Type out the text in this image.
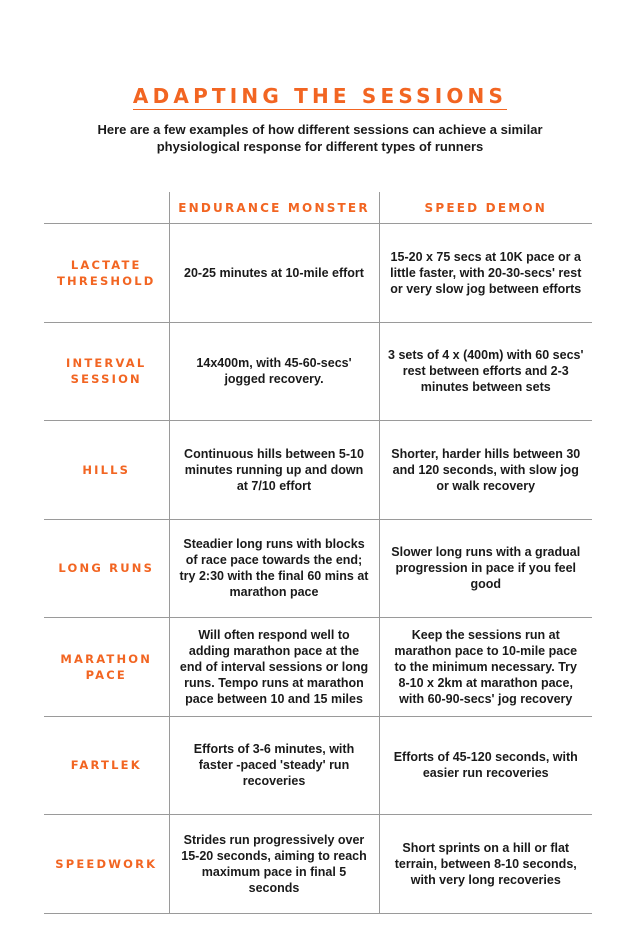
ADAPTING THE SESSIONS

Here are a few examples of how different sessions can achieve a similar physiological response for different types of runners

	ENDURANCE MONSTER	SPEED DEMON

LACTATE
THRESHOLD	20-25 minutes at 10-mile effort	15-20 x 75 secs at 10K pace or a little faster, with 20-30-secs' rest or very slow jog between efforts

INTERVAL
SESSION	14x400m, with 45-60-secs' jogged recovery.	3 sets of 4 x (400m) with 60 secs' rest between efforts and 2-3 minutes between sets

HILLS	Continuous hills between 5-10 minutes running up and down at 7/10 effort	Shorter, harder hills between 30 and 120 seconds, with slow jog or walk recovery

LONG RUNS	Steadier long runs with blocks of race pace towards the end; try 2:30 with the final 60 mins at marathon pace	Slower long runs with a gradual progression in pace if you feel good

MARATHON
PACE	Will often respond well to adding marathon pace at the end of interval sessions or long runs. Tempo runs at marathon pace between 10 and 15 miles	Keep the sessions run at marathon pace to 10-mile pace to the minimum necessary. Try 8-10 x 2km at marathon pace, with 60-90-secs' jog recovery

FARTLEK	Efforts of 3-6 minutes, with faster -paced 'steady' run recoveries	Efforts of 45-120 seconds, with easier run recoveries

SPEEDWORK	Strides run progressively over 15-20 seconds, aiming to reach maximum pace in final 5 seconds	Short sprints on a hill or flat terrain, between 8-10 seconds, with very long recoveries
